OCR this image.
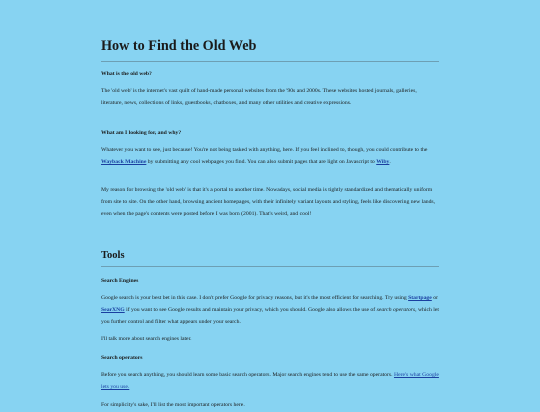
How to Find the Old Web
What is the old web?

The 'old web' is the internet's vast quilt of hand-made personal websites from the '90s and 2000s. These websites hosted journals, galleries, literature, news, collections of links, guestbooks, chatboxes, and many other utilities and creative expressions.

What am I looking for, and why?

Whatever you want to see, just because! You're not being tasked with anything, here. If you feel inclined to, though, you could contribute to the Wayback Machine by submitting any cool webpages you find. You can also submit pages that are light on Javascript to Wiby.

My reason for browsing the 'old web' is that it's a portal to another time. Nowadays, social media is tightly standardized and thematically uniform from site to site. On the other hand, browsing ancient homepages, with their infinitely variant layouts and styling, feels like discovering new lands, even when the page's contents were posted before I was born (2001). That's weird, and cool!

Tools
Search Engines

Google search is your best bet in this case. I don't prefer Google for privacy reasons, but it's the most efficient for searching. Try using Startpage or SearXNG if you want to see Google results and maintain your privacy, which you should. Google also allows the use of search operators, which let you further control and filter what appears under your search.

I'll talk more about search engines later.

Search operators

Before you search anything, you should learn some basic search operators. Major search engines tend to use the same operators. Here's what Google lets you use.

For simplicity's sake, I'll list the most important operators here.
